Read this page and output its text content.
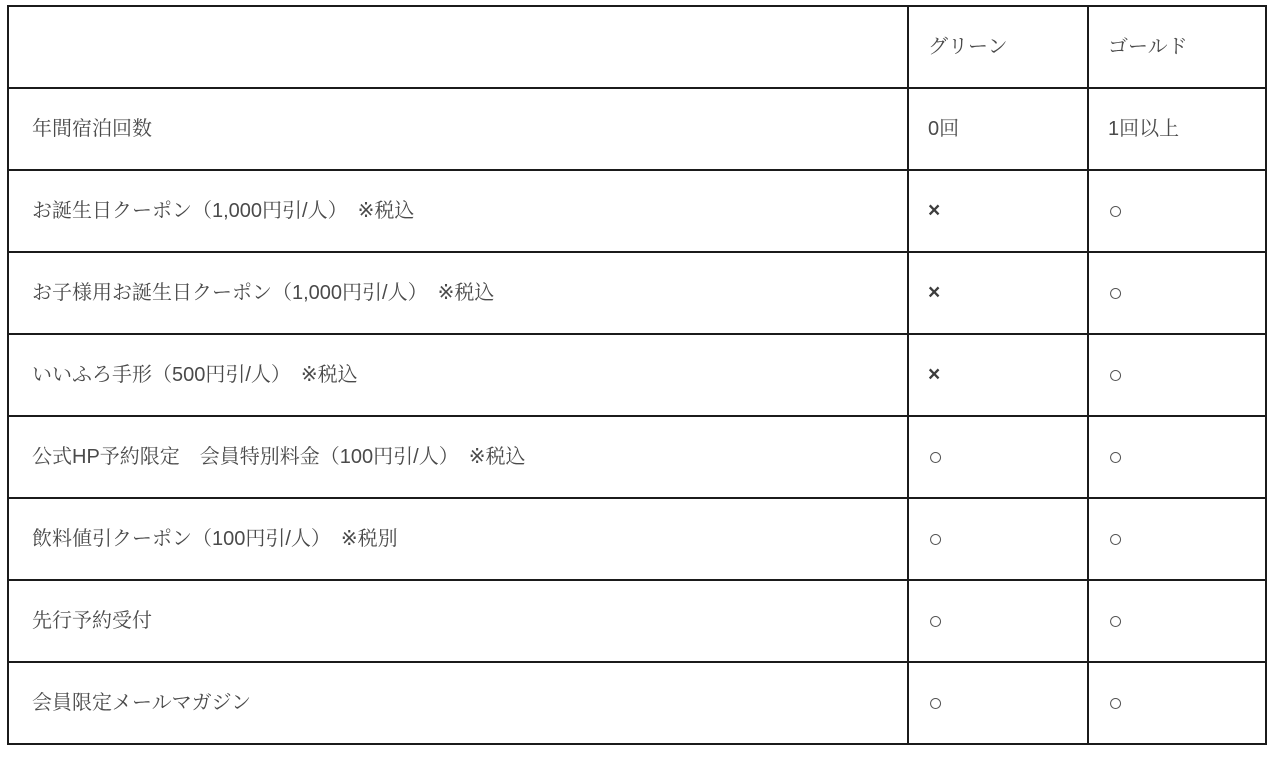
	グリーン	ゴールド
年間宿泊回数	0回	1回以上
お誕生日クーポン（1,000円引/人）　※税込	×	○
お子様用お誕生日クーポン（1,000円引/人）　※税込	×	○
いいふろ手形（500円引/人）　※税込	×	○
公式HP予約限定　会員特別料金（100円引/人）　※税込	○	○
飲料値引クーポン（100円引/人）　※税別	○	○
先行予約受付	○	○
会員限定メールマガジン	○	○
